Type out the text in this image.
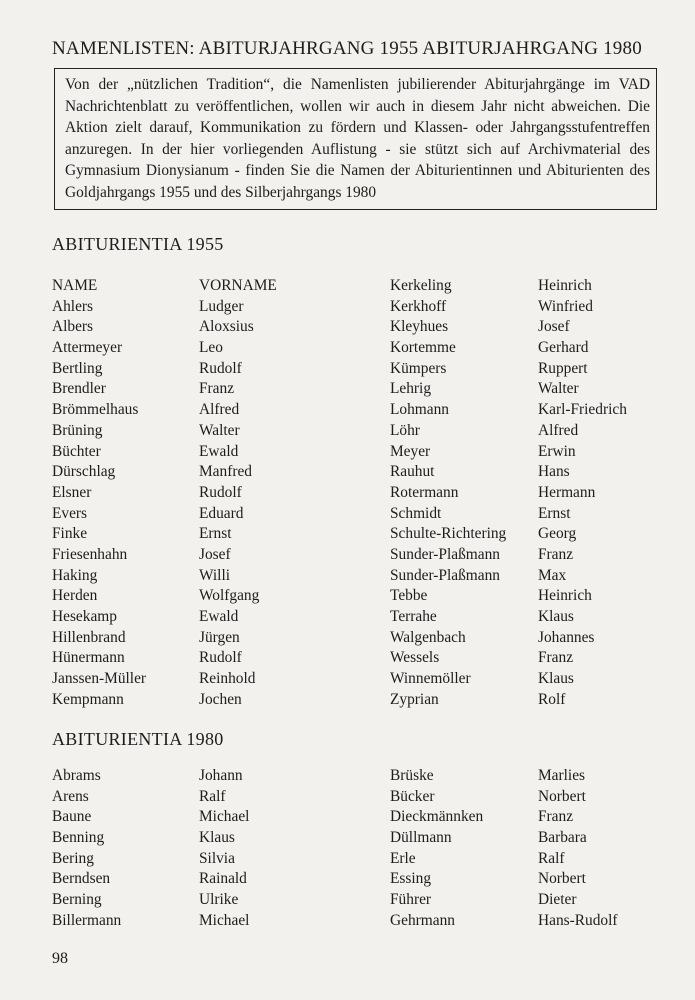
NAMENLISTEN: ABITURJAHRGANG 1955 ABITURJAHRGANG 1980
Von der „nützlichen Tradition“, die Namenlisten jubilierender Abiturjahrgänge im VAD Nachrichtenblatt zu veröffentlichen, wollen wir auch in diesem Jahr nicht abweichen. Die Aktion zielt darauf, Kommunikation zu fördern und Klassen- oder Jahrgangsstufentreffen anzuregen. In der hier vorliegenden Auflistung - sie stützt sich auf Archivmaterial des Gymnasium Dionysianum - finden Sie die Namen der Abiturientinnen und Abiturienten des Goldjahrgangs 1955 und des Silberjahrgangs 1980
ABITURIENTIA 1955
NAME
Ahlers
Albers
Attermeyer
Bertling
Brendler
Brömmelhaus
Brüning
Büchter
Dürschlag
Elsner
Evers
Finke
Friesenhahn
Haking
Herden
Hesekamp
Hillenbrand
Hünermann
Janssen-Müller
Kempmann
VORNAME
Ludger
Aloxsius
Leo
Rudolf
Franz
Alfred
Walter
Ewald
Manfred
Rudolf
Eduard
Ernst
Josef
Willi
Wolfgang
Ewald
Jürgen
Rudolf
Reinhold
Jochen
Kerkeling
Kerkhoff
Kleyhues
Kortemme
Kümpers
Lehrig
Lohmann
Löhr
Meyer
Rauhut
Rotermann
Schmidt
Schulte-Richtering
Sunder-Plaßmann
Sunder-Plaßmann
Tebbe
Terrahe
Walgenbach
Wessels
Winnemöller
Zyprian
Heinrich
Winfried
Josef
Gerhard
Ruppert
Walter
Karl-Friedrich
Alfred
Erwin
Hans
Hermann
Ernst
Georg
Franz
Max
Heinrich
Klaus
Johannes
Franz
Klaus
Rolf
ABITURIENTIA 1980
Abrams
Arens
Baune
Benning
Bering
Berndsen
Berning
Billermann
Johann
Ralf
Michael
Klaus
Silvia
Rainald
Ulrike
Michael
Brüske
Bücker
Dieckmännken
Düllmann
Erle
Essing
Führer
Gehrmann
Marlies
Norbert
Franz
Barbara
Ralf
Norbert
Dieter
Hans-Rudolf
98
